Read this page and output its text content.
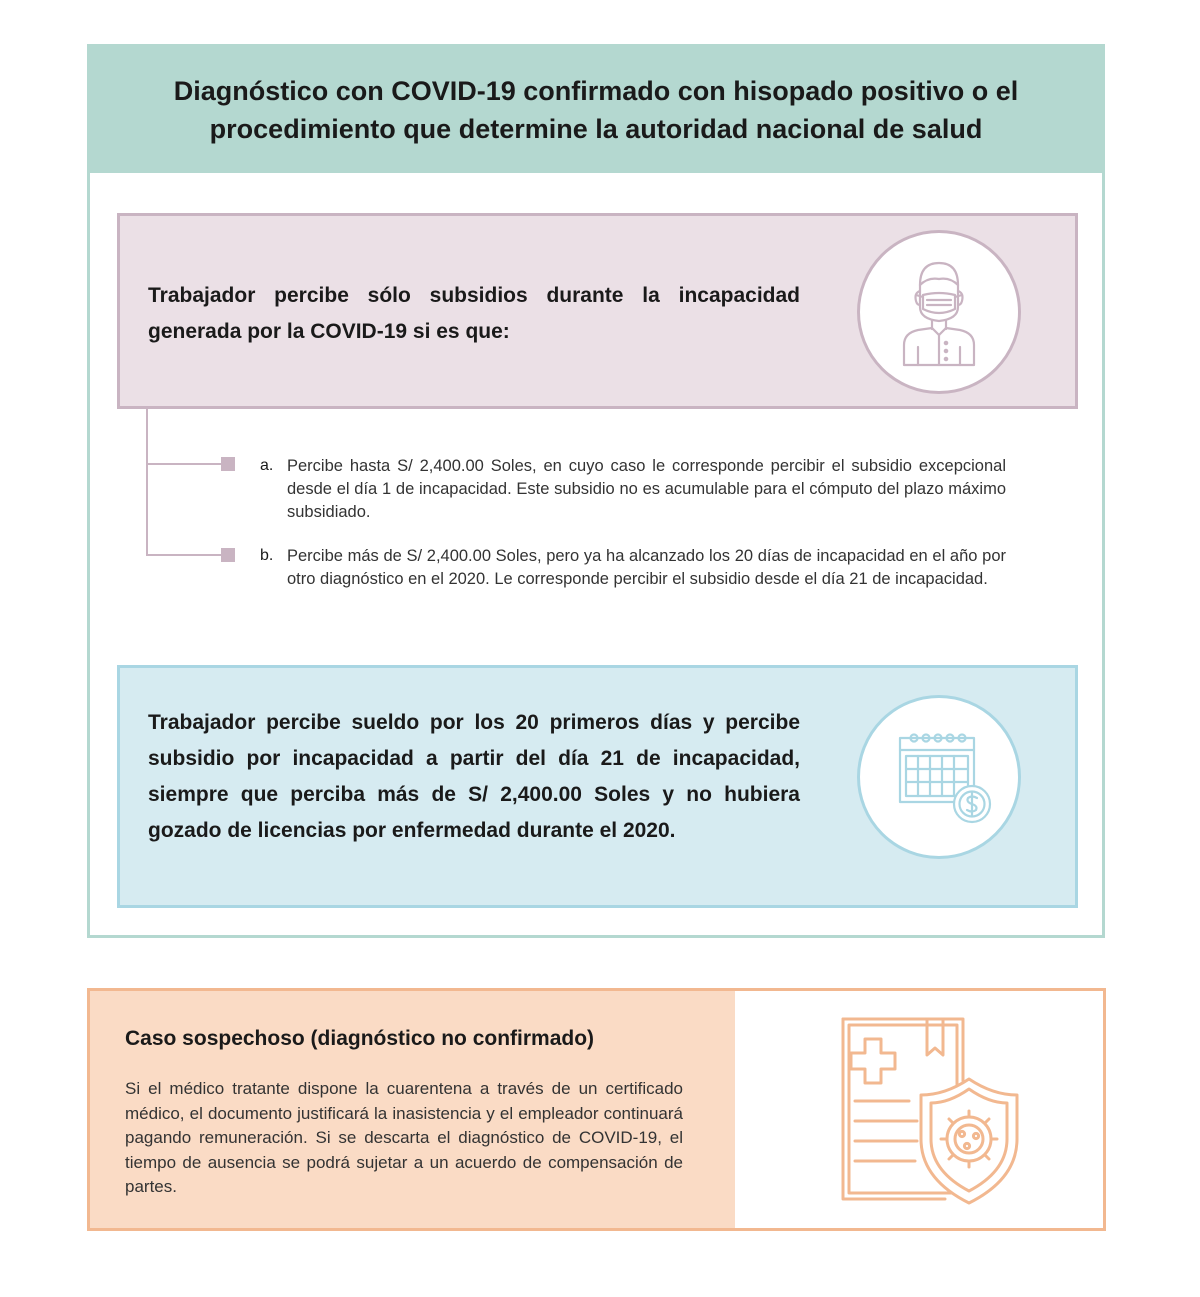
Diagnóstico con COVID-19 confirmado con hisopado positivo o el procedimiento que determine la autoridad nacional de salud

Trabajador percibe sólo subsidios durante la incapacidad generada por la COVID-19 si es que:

a. Percibe hasta S/ 2,400.00 Soles, en cuyo caso le corresponde percibir el subsidio excepcional desde el día 1 de incapacidad. Este subsidio no es acumulable para el cómputo del plazo máximo subsidiado.

b. Percibe más de S/ 2,400.00 Soles, pero ya ha alcanzado los 20 días de incapacidad en el año por otro diagnóstico en el 2020. Le corresponde percibir el subsidio desde el día 21 de incapacidad.

Trabajador percibe sueldo por los 20 primeros días y percibe subsidio por incapacidad a partir del día 21 de incapacidad, siempre que perciba más de S/ 2,400.00 Soles y no hubiera gozado de licencias por enfermedad durante el 2020.

Caso sospechoso (diagnóstico no confirmado)

Si el médico tratante dispone la cuarentena a través de un certificado médico, el documento justificará la inasistencia y el empleador continuará pagando remuneración. Si se descarta el diagnóstico de COVID-19, el tiempo de ausencia se podrá sujetar a un acuerdo de compensación de partes.
